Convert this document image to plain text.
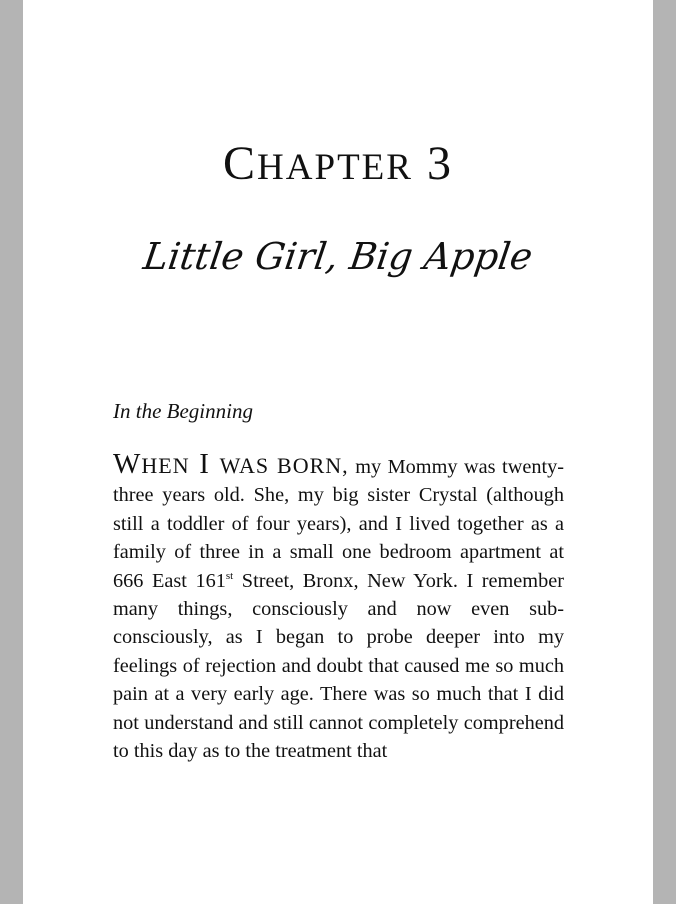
CHAPTER 3
Little Girl, Big Apple
In the Beginning

WHEN I WAS BORN, my Mommy was twenty-three years old. She, my big sister Crystal (although still a toddler of four years), and I lived together as a family of three in a small one bedroom apartment at 666 East 161st Street, Bronx, New York. I remember many things, consciously and now even sub-consciously, as I began to probe deeper into my feelings of rejection and doubt that caused me so much pain at a very early age. There was so much that I did not understand and still cannot completely comprehend to this day as to the treatment that
